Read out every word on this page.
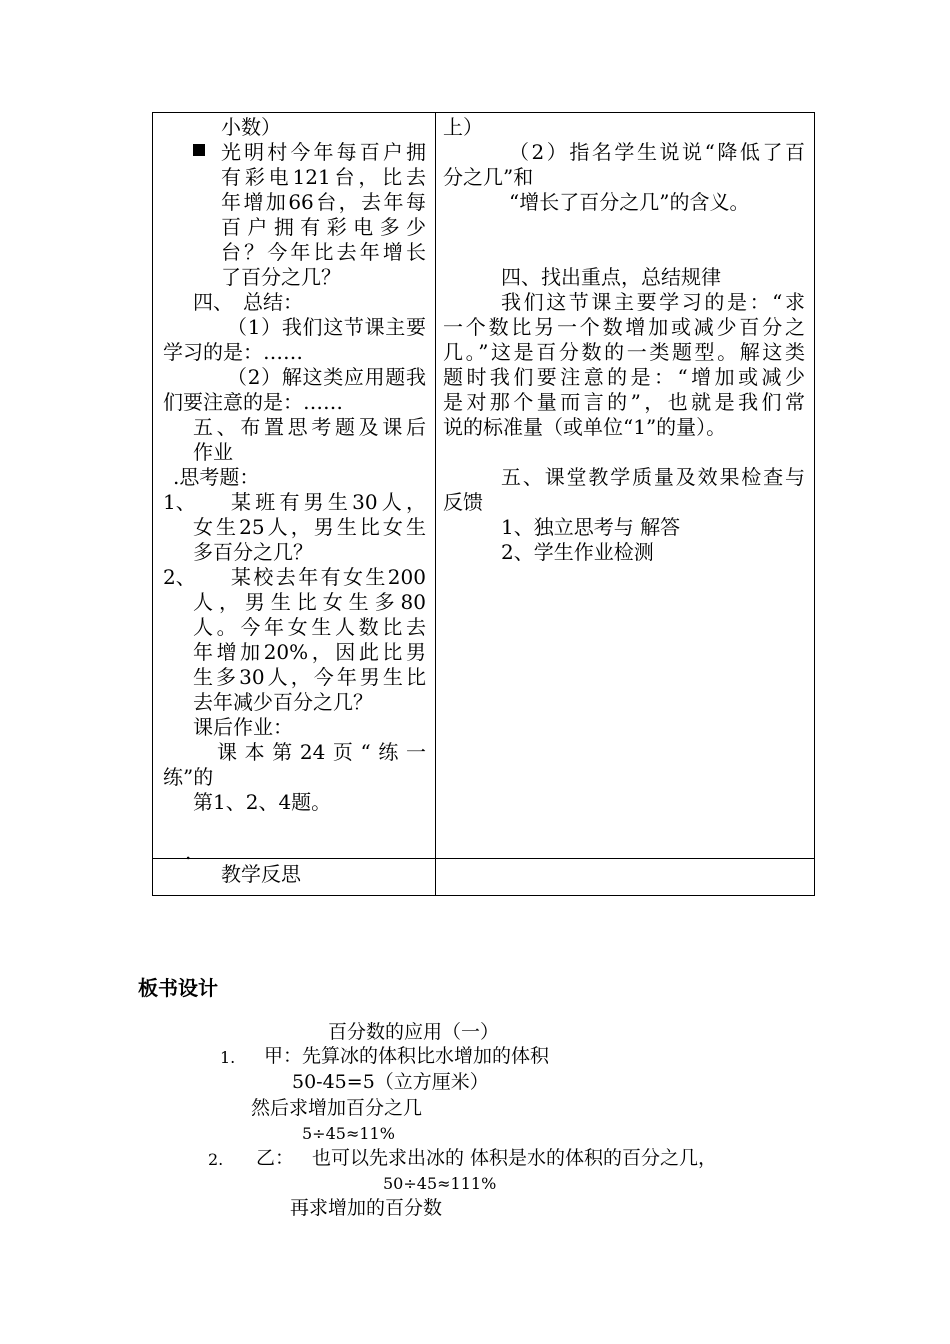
小数）
光明村今年每百户拥
有彩电121台，比去
年增加66台，去年每
百户拥有彩电多少
台？今年比去年增长
了百分之几？
四、　总结：
（1）我们这节课主要
学习的是：……
（2）解这类应用题我
们要注意的是：……
五、布置思考题及课后
作业
.思考题：
1、 某班有男生30人，
女生25人，男生比女生
多百分之几？
2、 某校去年有女生200
人，男生比女生多80
人。今年女生人数比去
年增加20%，因此比男
生多30人，今年男生比
去年减少百分之几？
课后作业：
课本第24页“练一
练”的
第1、2、4题。
.
教学反思
上）
（2）指名学生说说“降低了百
分之几”和
“增长了百分之几”的含义。
四、找出重点，总结规律
我们这节课主要学习的是：“求
一个数比另一个数增加或减少百分之
几。”这是百分数的一类题型。解这类
题时我们要注意的是：“增加或减少
是对那个量而言的”，也就是我们常
说的标准量（或单位“1”的量）。
五、课堂教学质量及效果检查与
反馈
1、独立思考与 解答
2、学生作业检测
板书设计
百分数的应用（一）
1. 甲：先算冰的体积比水增加的体积
50-45=5（立方厘米）
然后求增加百分之几
5÷45≈11%
2. 乙： 也可以先求出冰的 体积是水的体积的百分之几，
50÷45≈111%
再求增加的百分数
